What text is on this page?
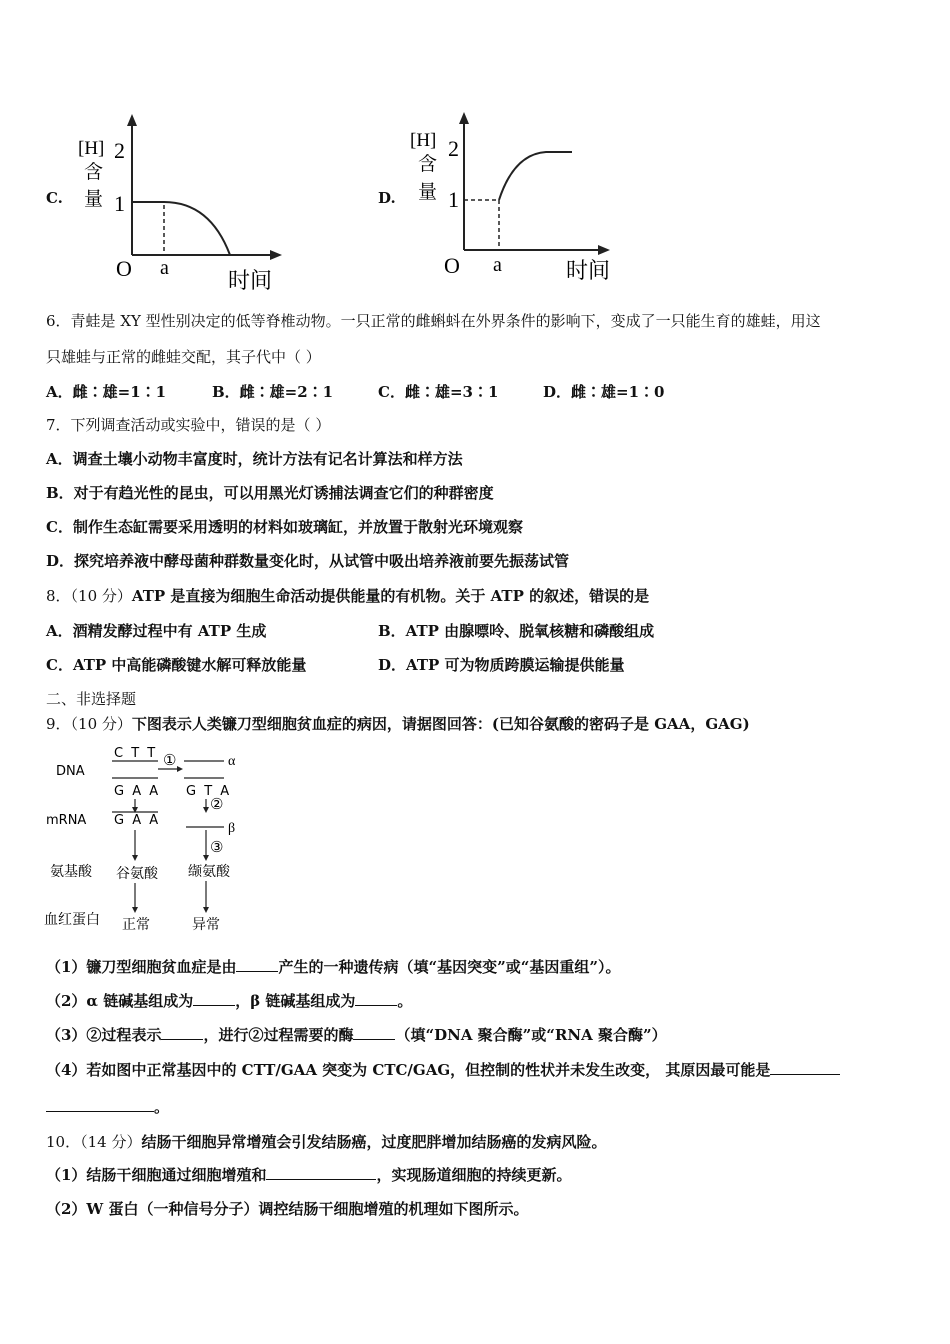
C.
[H]
含
量
2
1
O a	时间
D.
[H]
含
量
2
1
O a	时间
6．青蛙是 XY 型性别决定的低等脊椎动物。一只正常的雌蝌蚪在外界条件的影响下，变成了一只能生育的雄蛙，用这
只雄蛙与正常的雌蛙交配，其子代中（ ）
A．雌∶雄=1∶1	B．雌∶雄=2∶1	C．雌∶雄=3∶1	D．雌∶雄=1∶0
7．下列调查活动或实验中，错误的是（ ）
A．调查土壤小动物丰富度时，统计方法有记名计算法和样方法
B．对于有趋光性的昆虫，可以用黑光灯诱捕法调查它们的种群密度
C．制作生态缸需要采用透明的材料如玻璃缸，并放置于散射光环境观察
D．探究培养液中酵母菌种群数量变化时，从试管中吸出培养液前要先振荡试管
8．（10 分）ATP 是直接为细胞生命活动提供能量的有机物。关于 ATP 的叙述，错误的是
A．酒精发酵过程中有 ATP 生成	B．ATP 由腺嘌呤、脱氧核糖和磷酸组成
C．ATP 中高能磷酸键水解可释放能量	D．ATP 可为物质跨膜运输提供能量
二、非选择题
9．（10 分）下图表示人类镰刀型细胞贫血症的病因，请据图回答：(已知谷氨酸的密码子是 GAA，GAG)
DNA
mRNA
氨基酸
血红蛋白
C T T
G A A
①	α
G T A
G A A
②
β
③
谷氨酸 缬氨酸
正常	异常
（1）镰刀型细胞贫血症是由	产生的一种遗传病（填“基因突变”或“基因重组”）。
（2）α 链碱基组成为	，β 链碱基组成为	。
（3）②过程表示	，进行②过程需要的酶	（填“DNA 聚合酶”或“RNA 聚合酶”）
（4）若如图中正常基因中的 CTT/GAA 突变为 CTC/GAG，但控制的性状并未发生改变， 其原因最可能是
。
10．（14 分）结肠干细胞异常增殖会引发结肠癌，过度肥胖增加结肠癌的发病风险。
（1）结肠干细胞通过细胞增殖和	，实现肠道细胞的持续更新。
（2）W 蛋白（一种信号分子）调控结肠干细胞增殖的机理如下图所示。
